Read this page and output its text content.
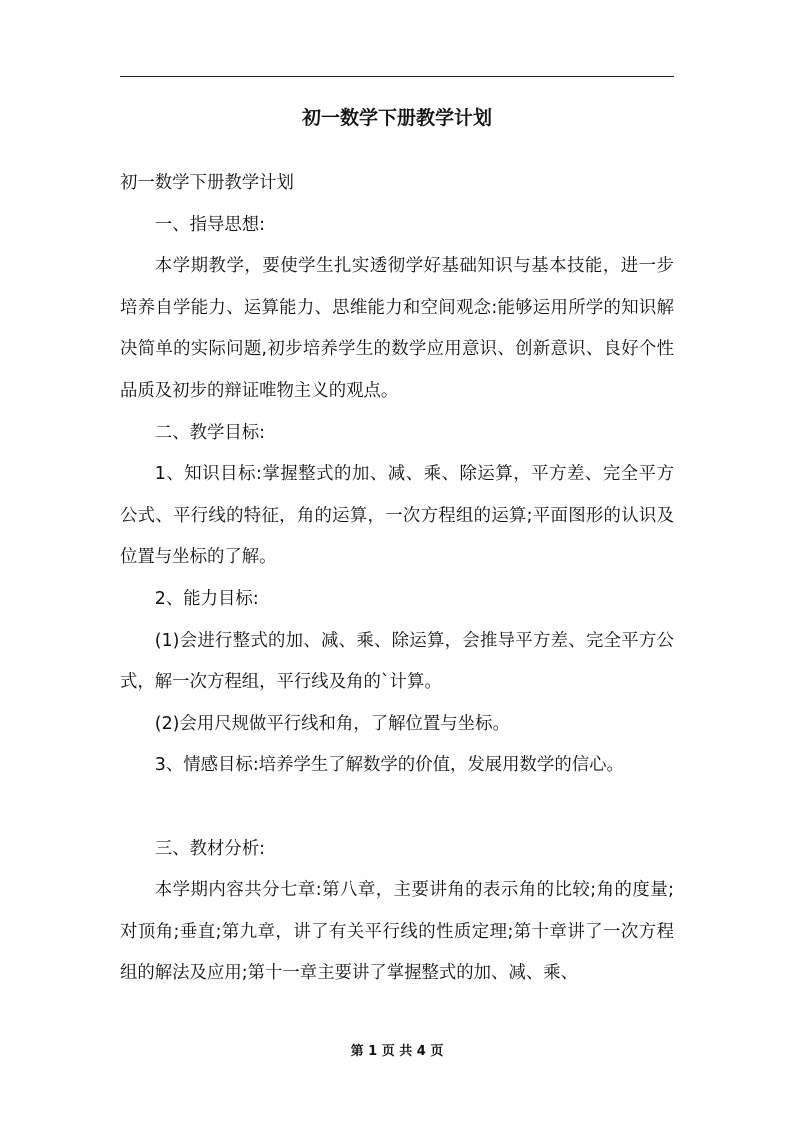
初一数学下册教学计划

初一数学下册教学计划

一、指导思想:

本学期教学，要使学生扎实透彻学好基础知识与基本技能，进一步培养自学能力、运算能力、思维能力和空间观念:能够运用所学的知识解决简单的实际问题,初步培养学生的数学应用意识、创新意识、良好个性品质及初步的辩证唯物主义的观点。

二、教学目标:

1、知识目标:掌握整式的加、减、乘、除运算，平方差、完全平方公式、平行线的特征，角的运算，一次方程组的运算;平面图形的认识及位置与坐标的了解。

2、能力目标:

(1)会进行整式的加、减、乘、除运算，会推导平方差、完全平方公式，解一次方程组，平行线及角的`计算。

(2)会用尺规做平行线和角，了解位置与坐标。

3、情感目标:培养学生了解数学的价值，发展用数学的信心。

三、教材分析:

本学期内容共分七章:第八章，主要讲角的表示角的比较;角的度量;对顶角;垂直;第九章，讲了有关平行线的性质定理;第十章讲了一次方程组的解法及应用;第十一章主要讲了掌握整式的加、减、乘、

第 1 页 共 4 页
